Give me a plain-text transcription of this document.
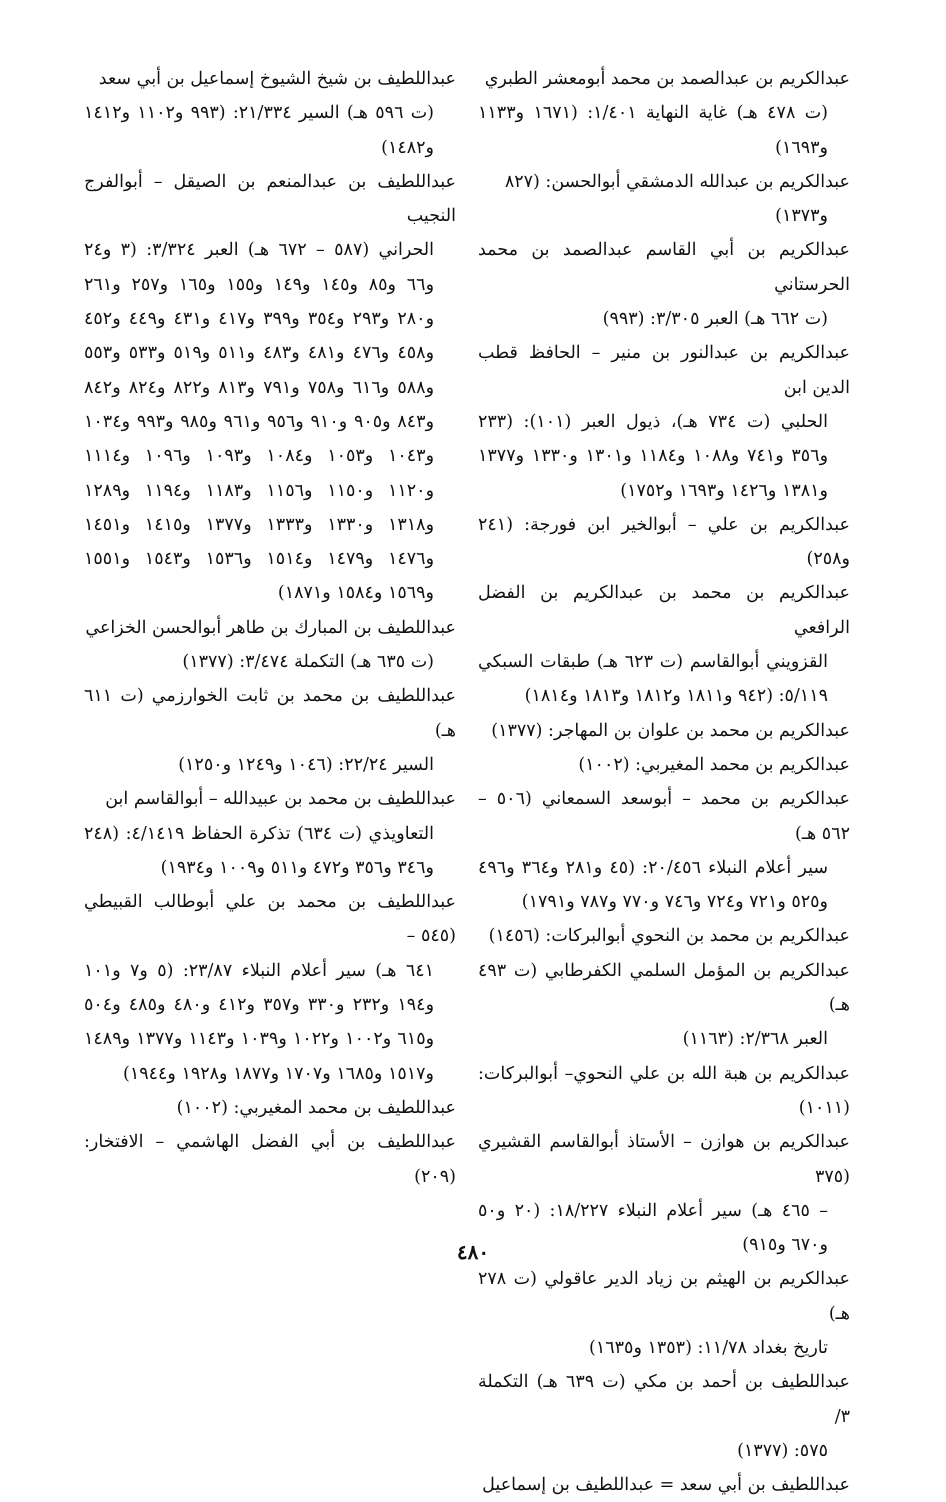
عبدالكريم بن عبدالصمد بن محمد أبومعشر الطبري
(ت ٤٧٨ هـ) غاية النهاية ١/٤٠١: (١٦٧١ و١١٣٣ و١٦٩٣)
عبدالكريم بن عبدالله الدمشقي أبوالحسن: (٨٢٧
و١٣٧٣)
عبدالكريم بن أبي القاسم عبدالصمد بن محمد الحرستاني
(ت ٦٦٢ هـ) العبر ٣/٣٠٥: (٩٩٣)
عبدالكريم بن عبدالنور بن منير – الحافظ قطب الدين ابن
الحلبي (ت ٧٣٤ هـ)، ذيول العبر (١٠١): (٢٣٣ و٣٥٦ و٧٤١ و١٠٨٨ و١١٨٤ و١٣٠١ و١٣٣٠ و١٣٧٧ و١٣٨١ و١٤٢٦ و١٦٩٣ و١٧٥٢)
عبدالكريم بن علي – أبوالخير ابن فورجة: (٢٤١ و٢٥٨)
عبدالكريم بن محمد بن عبدالكريم بن الفضل الرافعي
القزويني أبوالقاسم (ت ٦٢٣ هـ) طبقات السبكي ٥/١١٩: (٩٤٢ و١٨١١ و١٨١٢ و١٨١٣ و١٨١٤)
عبدالكريم بن محمد بن علوان بن المهاجر: (١٣٧٧)
عبدالكريم بن محمد المغيربي: (١٠٠٢)
عبدالكريم بن محمد – أبوسعد السمعاني (٥٠٦ – ٥٦٢ هـ)
سير أعلام النبلاء ٢٠/٤٥٦: (٤٥ و٢٨١ و٣٦٤ و٤٩٦ و٥٢٥ و٧٢١ و٧٢٤ و٧٤٦ و٧٧٠ و٧٨٧ و١٧٩١)
عبدالكريم بن محمد بن النحوي أبوالبركات: (١٤٥٦)
عبدالكريم بن المؤمل السلمي الكفرطابي (ت ٤٩٣ هـ)
العبر ٢/٣٦٨: (١١٦٣)
عبدالكريم بن هبة الله بن علي النحوي– أبوالبركات: (١٠١١)
عبدالكريم بن هوازن – الأستاذ أبوالقاسم القشيري (٣٧٥
– ٤٦٥ هـ) سير أعلام النبلاء ١٨/٢٢٧: (٢٠ و٥٠ و٦٧٠ و٩١٥)
عبدالكريم بن الهيثم بن زياد الدير عاقولي (ت ٢٧٨ هـ)
تاريخ بغداد ١١/٧٨: (١٣٥٣ و١٦٣٥)
عبداللطيف بن أحمد بن مكي (ت ٦٣٩ هـ) التكملة ٣/
٥٧٥: (١٣٧٧)
عبداللطيف بن أبي سعد = عبداللطيف بن إسماعيل
عبداللطيف بن شيخ الشيوخ إسماعيل بن أبي سعد
(ت ٥٩٦ هـ) السير ٢١/٣٣٤: (٩٩٣ و١١٠٢ و١٤١٢ و١٤٨٢)
عبداللطيف بن عبدالمنعم بن الصيقل – أبوالفرج النجيب
الحراني (٥٨٧ – ٦٧٢ هـ) العبر ٣/٣٢٤: (٣ و٢٤ و٦٦ و٨٥ و١٤٥ و١٤٩ و١٥٥ و١٦٥ و٢٥٧ و٢٦١ و٢٨٠ و٢٩٣ و٣٥٤ و٣٩٩ و٤١٧ و٤٣١ و٤٤٩ و٤٥٢ و٤٥٨ و٤٧٦ و٤٨١ و٤٨٣ و٥١١ و٥١٩ و٥٣٣ و٥٥٣ و٥٨٨ و٦١٦ و٧٥٨ و٧٩١ و٨١٣ و٨٢٢ و٨٢٤ و٨٤٢ و٨٤٣ و٩٠٥ و٩١٠ و٩٥٦ و٩٦١ و٩٨٥ و٩٩٣ و١٠٣٤ و١٠٤٣ و١٠٥٣ و١٠٨٤ و١٠٩٣ و١٠٩٦ و١١١٤ و١١٢٠ و١١٥٠ و١١٥٦ و١١٨٣ و١١٩٤ و١٢٨٩ و١٣١٨ و١٣٣٠ و١٣٣٣ و١٣٧٧ و١٤١٥ و١٤٥١ و١٤٧٦ و١٤٧٩ و١٥١٤ و١٥٣٦ و١٥٤٣ و١٥٥١ و١٥٦٩ و١٥٨٤ و١٨٧١)
عبداللطيف بن المبارك بن طاهر أبوالحسن الخزاعي
(ت ٦٣٥ هـ) التكملة ٣/٤٧٤: (١٣٧٧)
عبداللطيف بن محمد بن ثابت الخوارزمي (ت ٦١١ هـ)
السير ٢٢/٢٤: (١٠٤٦ و١٢٤٩ و١٢٥٠)
عبداللطيف بن محمد بن عبيدالله – أبوالقاسم ابن
التعاويذي (ت ٦٣٤) تذكرة الحفاظ ٤/١٤١٩: (٢٤٨ و٣٤٦ و٣٥٦ و٤٧٢ و٥١١ و١٠٠٩ و١٩٣٤)
عبداللطيف بن محمد بن علي أبوطالب القبيطي (٥٤٥ –
٦٤١ هـ) سير أعلام النبلاء ٢٣/٨٧: (٥ و٧ و١٠١ و١٩٤ و٢٣٢ و٣٣٠ و٣٥٧ و٤١٢ و٤٨٠ و٤٨٥ و٥٠٤ و٦١٥ و١٠٠٢ و١٠٢٢ و١٠٣٩ و١١٤٣ و١٣٧٧ و١٤٨٩ و١٥١٧ و١٦٨٥ و١٧٠٧ و١٨٧٧ و١٩٢٨ و١٩٤٤)
عبداللطيف بن محمد المغيربي: (١٠٠٢)
عبداللطيف بن أبي الفضل الهاشمي – الافتخار: (٢٠٩)
٤٨٠
